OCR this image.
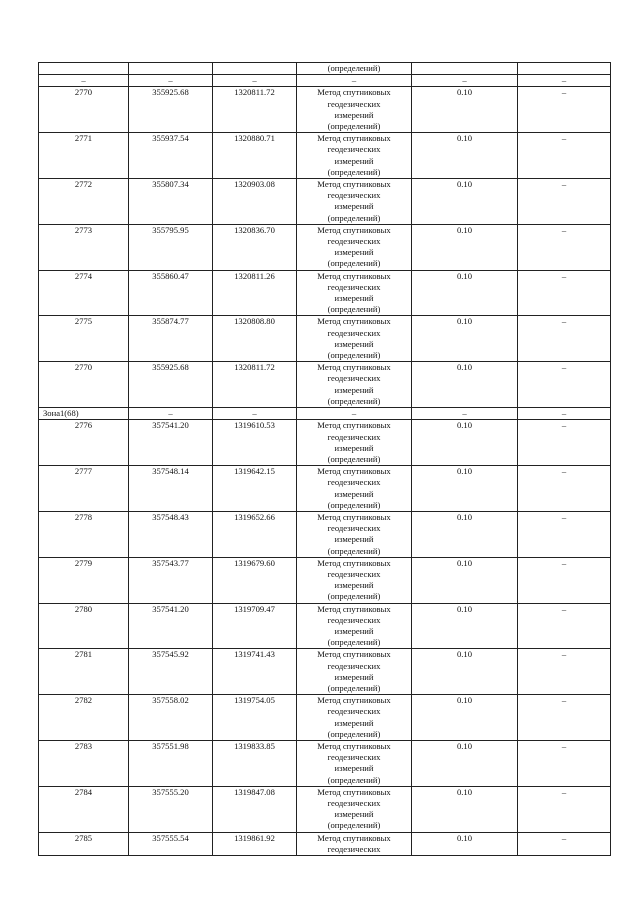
			(определений)		
–	–	–	–	–	–
2770	355925.68	1320811.72	Метод спутниковых
геодезических
измерений
(определений)	0.10	–
2771	355937.54	1320880.71	Метод спутниковых
геодезических
измерений
(определений)	0.10	–
2772	355807.34	1320903.08	Метод спутниковых
геодезических
измерений
(определений)	0.10	–
2773	355795.95	1320836.70	Метод спутниковых
геодезических
измерений
(определений)	0.10	–
2774	355860.47	1320811.26	Метод спутниковых
геодезических
измерений
(определений)	0.10	–
2775	355874.77	1320808.80	Метод спутниковых
геодезических
измерений
(определений)	0.10	–
2770	355925.68	1320811.72	Метод спутниковых
геодезических
измерений
(определений)	0.10	–
Зона1(68)	–	–	–	–	–
2776	357541.20	1319610.53	Метод спутниковых
геодезических
измерений
(определений)	0.10	–
2777	357548.14	1319642.15	Метод спутниковых
геодезических
измерений
(определений)	0.10	–
2778	357548.43	1319652.66	Метод спутниковых
геодезических
измерений
(определений)	0.10	–
2779	357543.77	1319679.60	Метод спутниковых
геодезических
измерений
(определений)	0.10	–
2780	357541.20	1319709.47	Метод спутниковых
геодезических
измерений
(определений)	0.10	–
2781	357545.92	1319741.43	Метод спутниковых
геодезических
измерений
(определений)	0.10	–
2782	357558.02	1319754.05	Метод спутниковых
геодезических
измерений
(определений)	0.10	–
2783	357551.98	1319833.85	Метод спутниковых
геодезических
измерений
(определений)	0.10	–
2784	357555.20	1319847.08	Метод спутниковых
геодезических
измерений
(определений)	0.10	–
2785	357555.54	1319861.92	Метод спутниковых
геодезических	0.10	–
